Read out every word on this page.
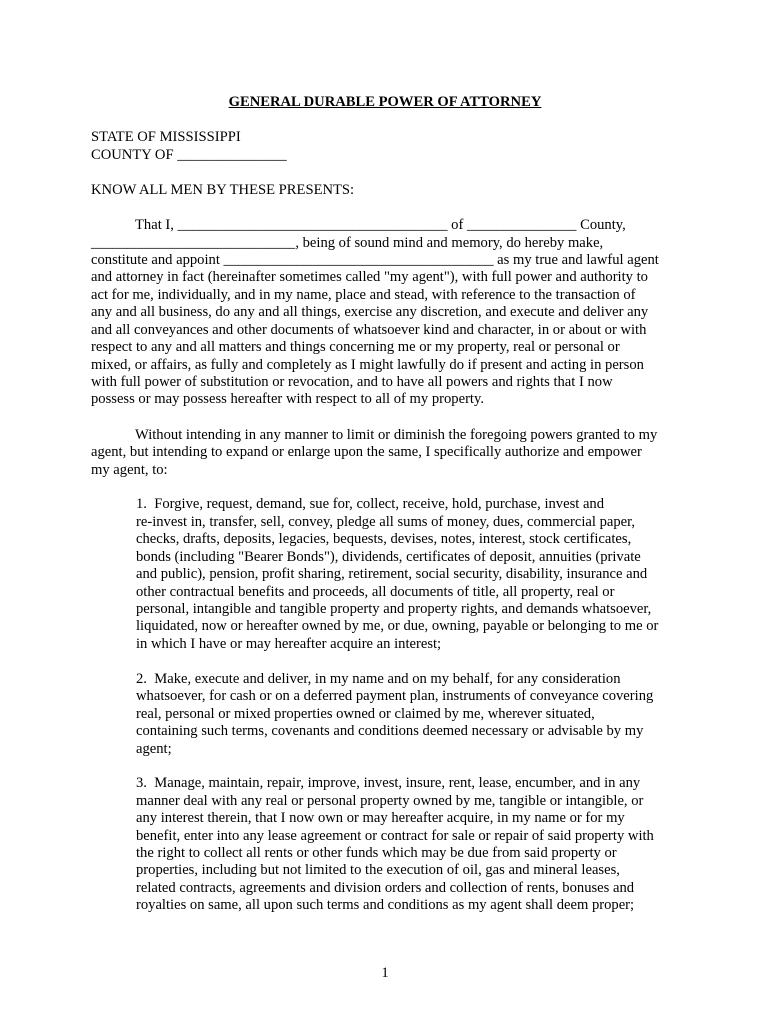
GENERAL DURABLE POWER OF ATTORNEY
STATE OF MISSISSIPPI
COUNTY OF _______________
KNOW ALL MEN BY THESE PRESENTS:
That I, _____________________________________ of _______________ County,
____________________________, being of sound mind and memory, do hereby make,
constitute and appoint _____________________________________ as my true and lawful agent
and attorney in fact (hereinafter sometimes called "my agent"), with full power and authority to
act for me, individually, and in my name, place and stead, with reference to the transaction of
any and all business, do any and all things, exercise any discretion, and execute and deliver any
and all conveyances and other documents of whatsoever kind and character, in or about or with
respect to any and all matters and things concerning me or my property, real or personal or
mixed, or affairs, as fully and completely as I might lawfully do if present and acting in person
with full power of substitution or revocation, and to have all powers and rights that I now
possess or may possess hereafter with respect to all of my property.
Without intending in any manner to limit or diminish the foregoing powers granted to my
agent, but intending to expand or enlarge upon the same, I specifically authorize and empower
my agent, to:
1.  Forgive, request, demand, sue for, collect, receive, hold, purchase, invest and
re-invest in, transfer, sell, convey, pledge all sums of money, dues, commercial paper,
checks, drafts, deposits, legacies, bequests, devises, notes, interest, stock certificates,
bonds (including "Bearer Bonds"), dividends, certificates of deposit, annuities (private
and public), pension, profit sharing, retirement, social security, disability, insurance and
other contractual benefits and proceeds, all documents of title, all property, real or
personal, intangible and tangible property and property rights, and demands whatsoever,
liquidated, now or hereafter owned by me, or due, owning, payable or belonging to me or
in which I have or may hereafter acquire an interest;
2.  Make, execute and deliver, in my name and on my behalf, for any consideration
whatsoever, for cash or on a deferred payment plan, instruments of conveyance covering
real, personal or mixed properties owned or claimed by me, wherever situated,
containing such terms, covenants and conditions deemed necessary or advisable by my
agent;
3.  Manage, maintain, repair, improve, invest, insure, rent, lease, encumber, and in any
manner deal with any real or personal property owned by me, tangible or intangible, or
any interest therein, that I now own or may hereafter acquire, in my name or for my
benefit, enter into any lease agreement or contract for sale or repair of said property with
the right to collect all rents or other funds which may be due from said property or
properties, including but not limited to the execution of oil, gas and mineral leases,
related contracts, agreements and division orders and collection of rents, bonuses and
royalties on same, all upon such terms and conditions as my agent shall deem proper;
1
